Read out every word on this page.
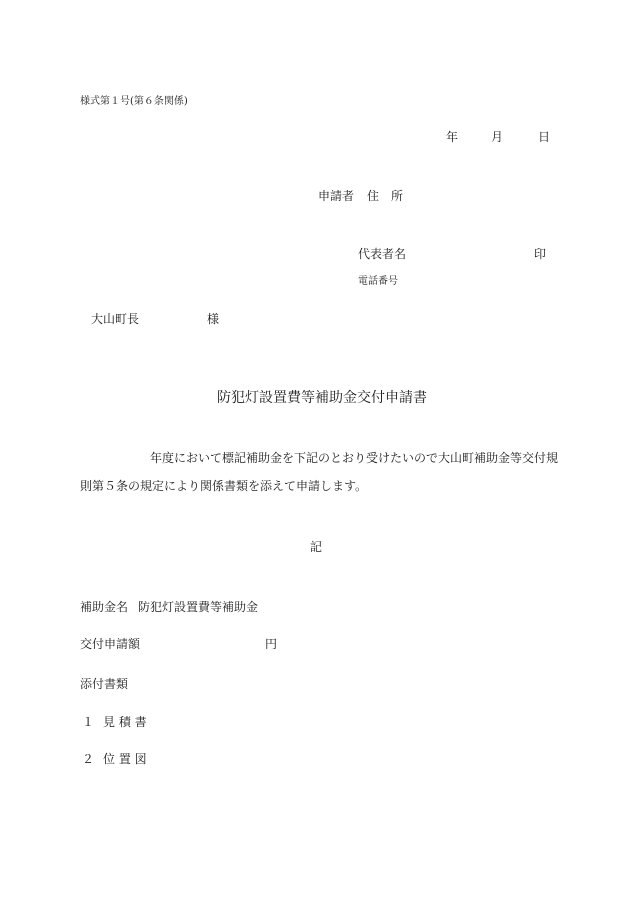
様式第１号(第６条関係)
年	月	日
申請者 住　所
代表者名	印
電話番号
大山町長	様
防犯灯設置費等補助金交付申請書
年度において標記補助金を下記のとおり受けたいので大山町補助金等交付規
則第５条の規定により関係書類を添えて申請します。
記
補助金名 防犯灯設置費等補助金
交付申請額	円
添付書類
１ 見 積 書
２ 位 置 図
